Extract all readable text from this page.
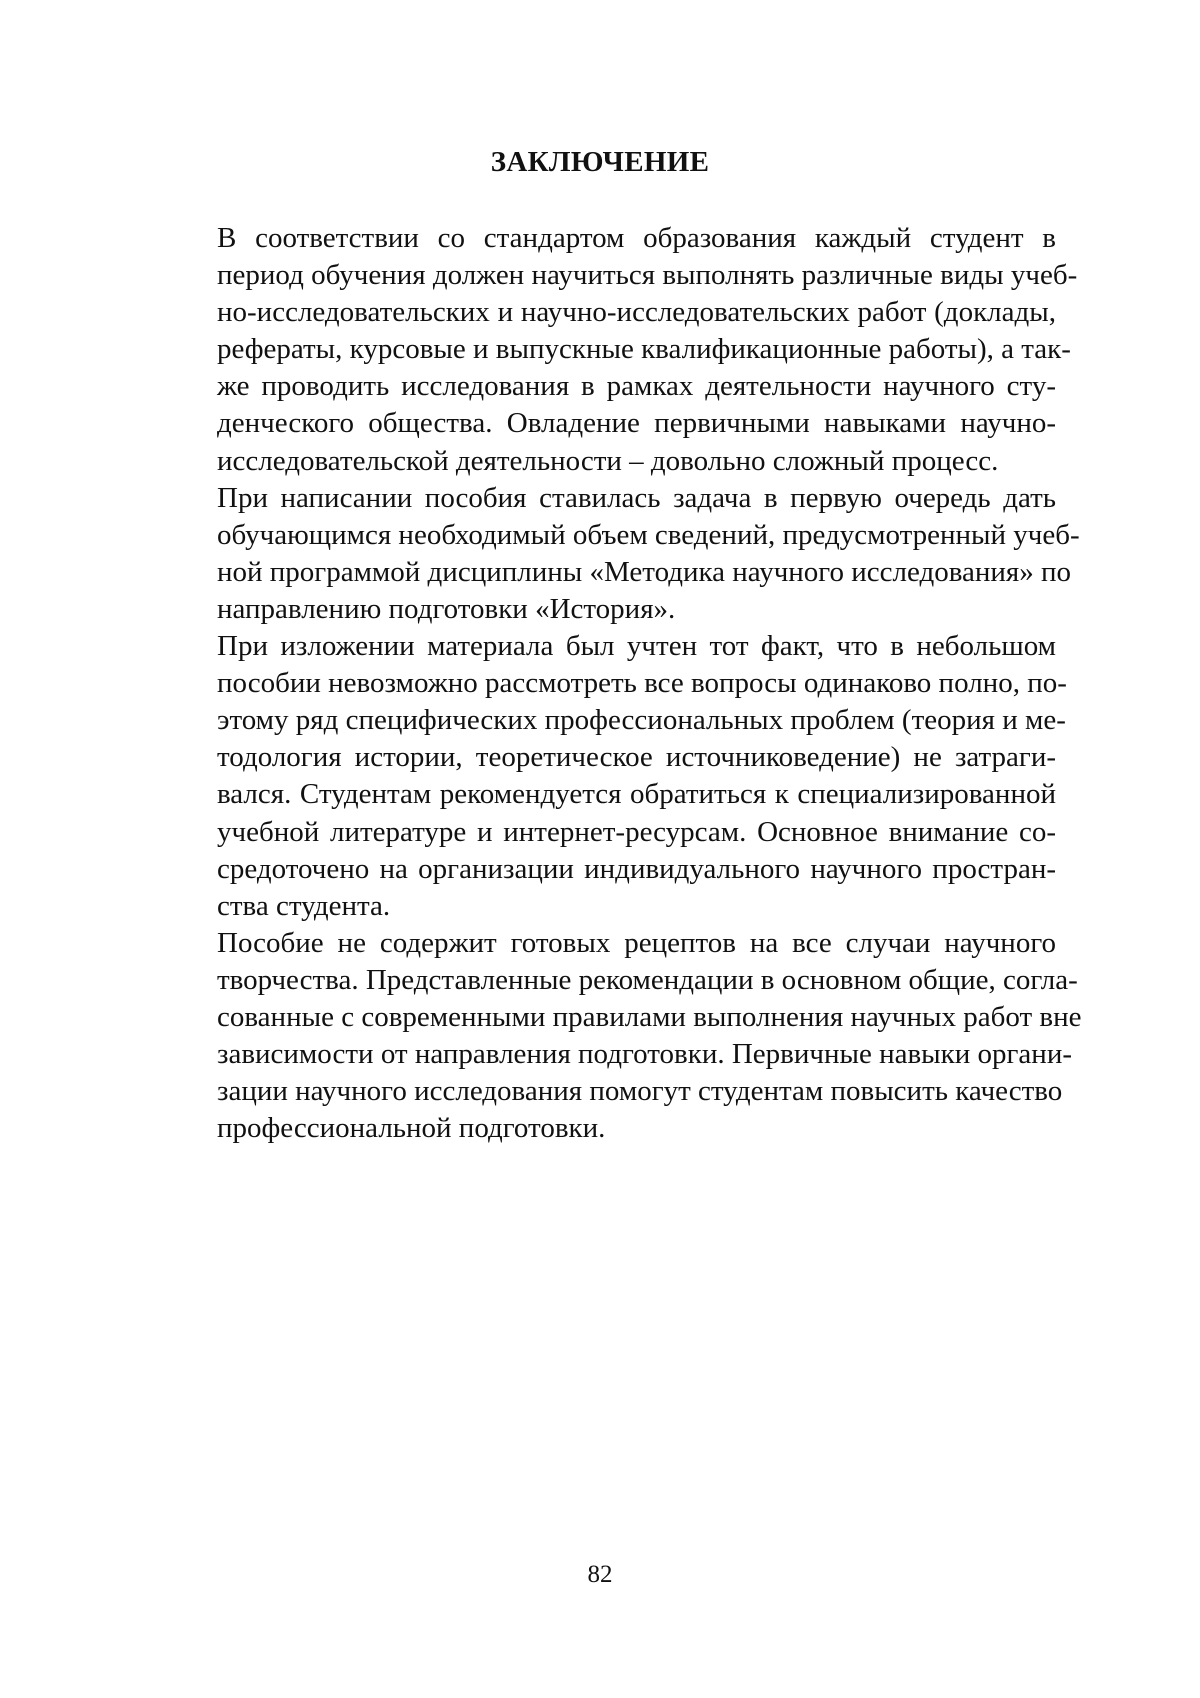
ЗАКЛЮЧЕНИЕ

В соответствии со стандартом образования каждый студент в
период обучения должен научиться выполнять различные виды учеб-
но-исследовательских и научно-исследовательских работ (доклады,
рефераты, курсовые и выпускные квалификационные работы), а так-
же проводить исследования в рамках деятельности научного сту-
денческого общества. Овладение первичными навыками научно-
исследовательской деятельности – довольно сложный процесс.

При написании пособия ставилась задача в первую очередь дать
обучающимся необходимый объем сведений, предусмотренный учеб-
ной программой дисциплины «Методика научного исследования» по
направлению подготовки «История».

При изложении материала был учтен тот факт, что в небольшом
пособии невозможно рассмотреть все вопросы одинаково полно, по-
этому ряд специфических профессиональных проблем (теория и ме-
тодология истории, теоретическое источниковедение) не затраги-
вался. Студентам рекомендуется обратиться к специализированной
учебной литературе и интернет-ресурсам. Основное внимание со-
средоточено на организации индивидуального научного простран-
ства студента.

Пособие не содержит готовых рецептов на все случаи научного
творчества. Представленные рекомендации в основном общие, согла-
сованные с современными правилами выполнения научных работ вне
зависимости от направления подготовки. Первичные навыки органи-
зации научного исследования помогут студентам повысить качество
профессиональной подготовки.

82
